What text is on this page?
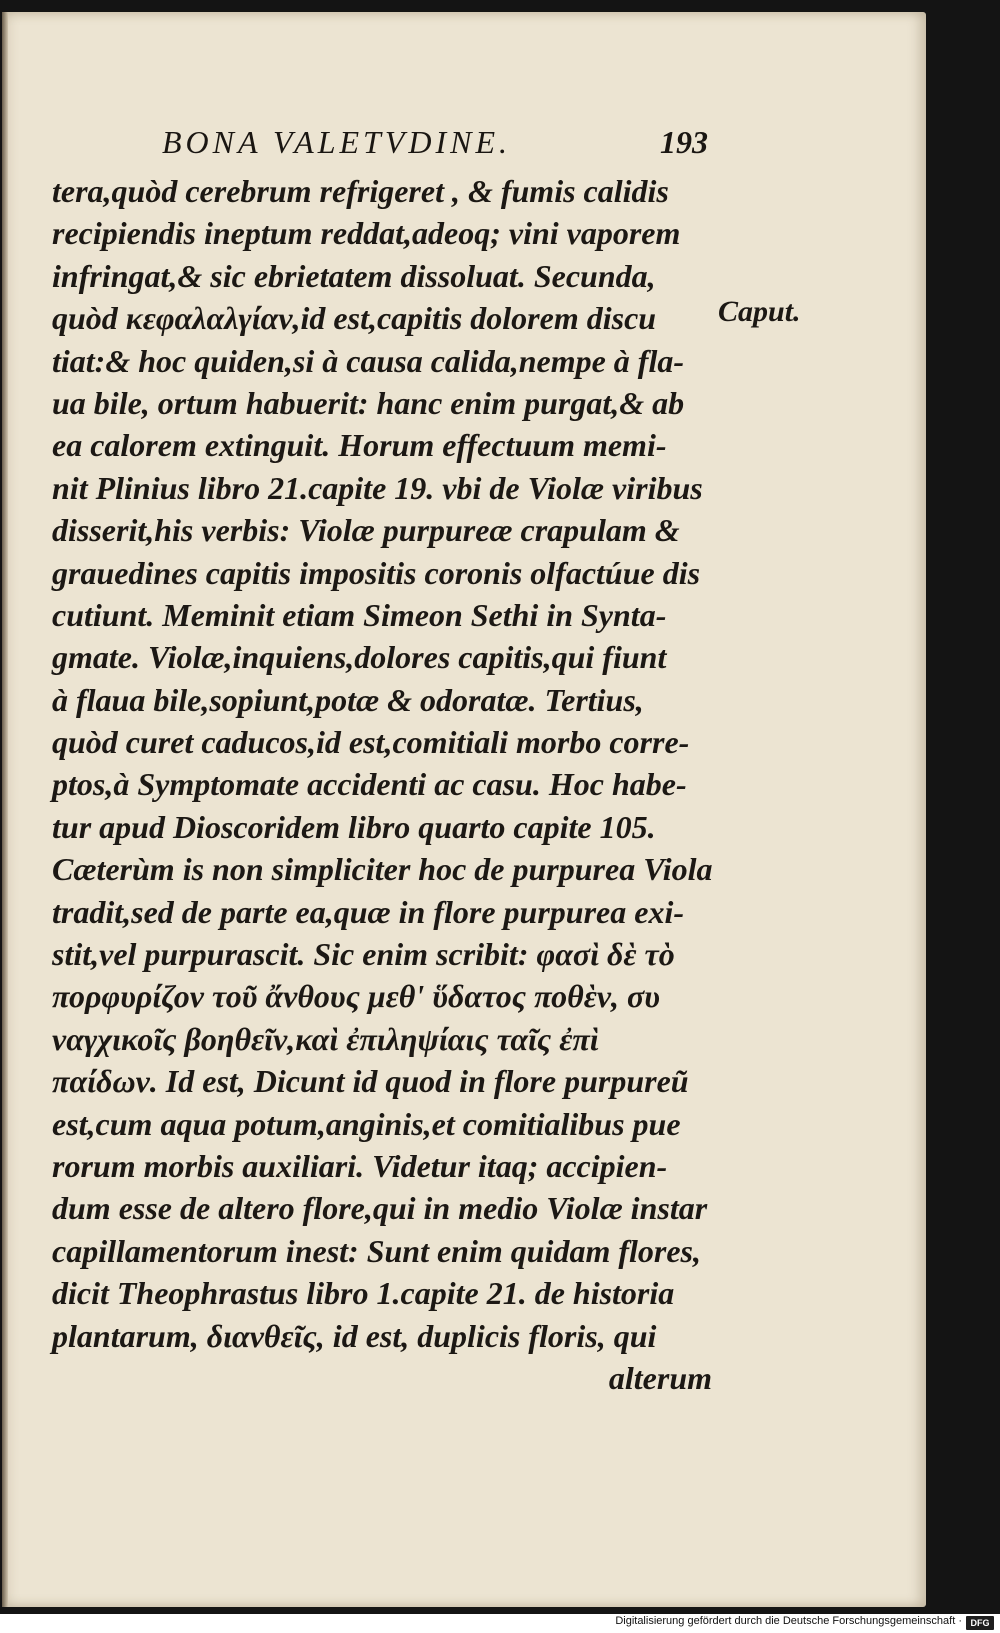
BONA VALETVDINE.	193
Caput.
tera,quòd cerebrum refrigeret , & fumis calidis
recipiendis ineptum reddat,adeoq; vini vaporem
infringat,& sic ebrietatem dissoluat. Secunda,
quòd κεφαλαλγίαν,id est,capitis dolorem discu
tiat:& hoc quiden,si à causa calida,nempe à fla-
ua bile, ortum habuerit: hanc enim purgat,& ab
ea calorem extinguit. Horum effectuum memi-
nit Plinius libro 21.capite 19. vbi de Violæ viribus
disserit,his verbis: Violæ purpureæ crapulam &
grauedines capitis impositis coronis olfactúue dis
cutiunt. Meminit etiam Simeon Sethi in Synta-
gmate. Violæ,inquiens,dolores capitis,qui fiunt
à flaua bile,sopiunt,potæ & odoratæ. Tertius,
quòd curet caducos,id est,comitiali morbo corre-
ptos,à Symptomate accidenti ac casu. Hoc habe-
tur apud Dioscoridem libro quarto capite 105.
Cæterùm is non simpliciter hoc de purpurea Viola
tradit,sed de parte ea,quæ in flore purpurea exi-
stit,vel purpurascit. Sic enim scribit: φασὶ δὲ τὸ
πορφυρίζον τοῦ ἄνθους μεθ' ὕδατος ποθὲν, συ
ναγχικοῖς βοηθεῖν,καὶ ἐπιληψίαις ταῖς ἐπὶ
παίδων. Id est, Dicunt id quod in flore purpureũ
est,cum aqua potum,anginis,et comitialibus pue
rorum morbis auxiliari. Videtur itaq; accipien-
dum esse de altero flore,qui in medio Violæ instar
capillamentorum inest: Sunt enim quidam flores,
dicit Theophrastus libro 1.capite 21. de historia
plantarum, διανθεῖς, id est, duplicis floris, qui
alterum
Digitalisierung gefördert durch die Deutsche Forschungsgemeinschaft · DFG
